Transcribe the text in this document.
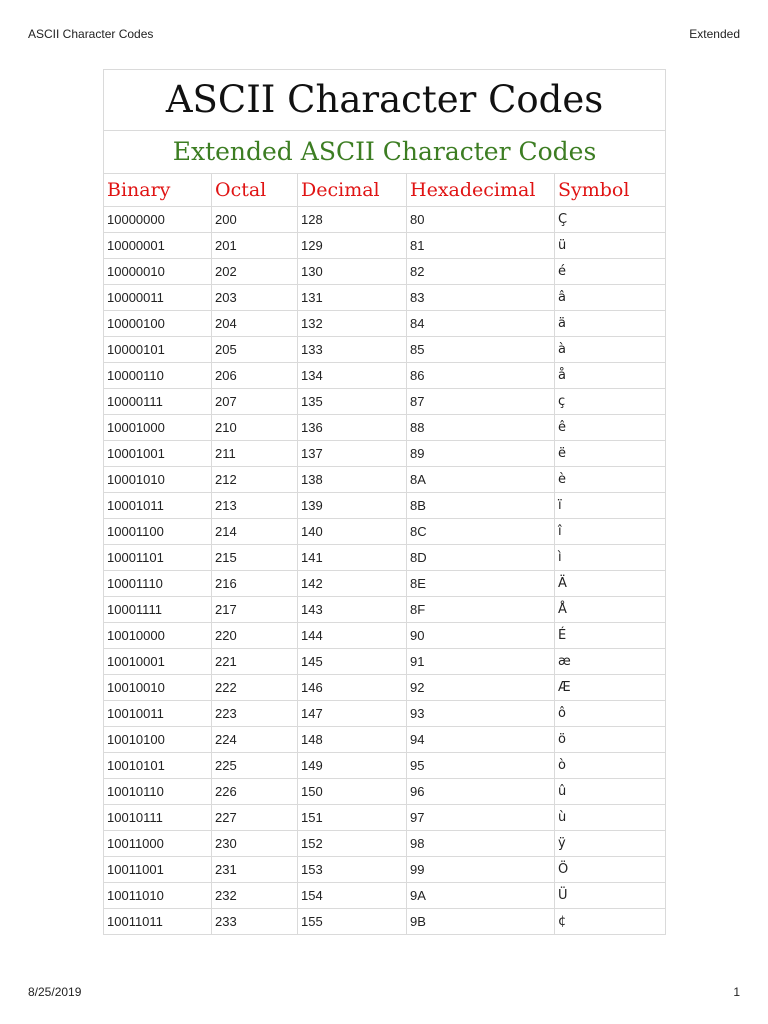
ASCII Character Codes	Extended
ASCII Character Codes				
Extended ASCII Character Codes				
Binary	Octal	Decimal	Hexadecimal	Symbol
10000000	200	128	80	Ç
10000001	201	129	81	ü
10000010	202	130	82	é
10000011	203	131	83	â
10000100	204	132	84	ä
10000101	205	133	85	à
10000110	206	134	86	å
10000111	207	135	87	ç
10001000	210	136	88	ê
10001001	211	137	89	ë
10001010	212	138	8A	è
10001011	213	139	8B	ï
10001100	214	140	8C	î
10001101	215	141	8D	ì
10001110	216	142	8E	Ä
10001111	217	143	8F	Å
10010000	220	144	90	É
10010001	221	145	91	æ
10010010	222	146	92	Æ
10010011	223	147	93	ô
10010100	224	148	94	ö
10010101	225	149	95	ò
10010110	226	150	96	û
10010111	227	151	97	ù
10011000	230	152	98	ÿ
10011001	231	153	99	Ö
10011010	232	154	9A	Ü
10011011	233	155	9B	¢
8/25/2019	1
